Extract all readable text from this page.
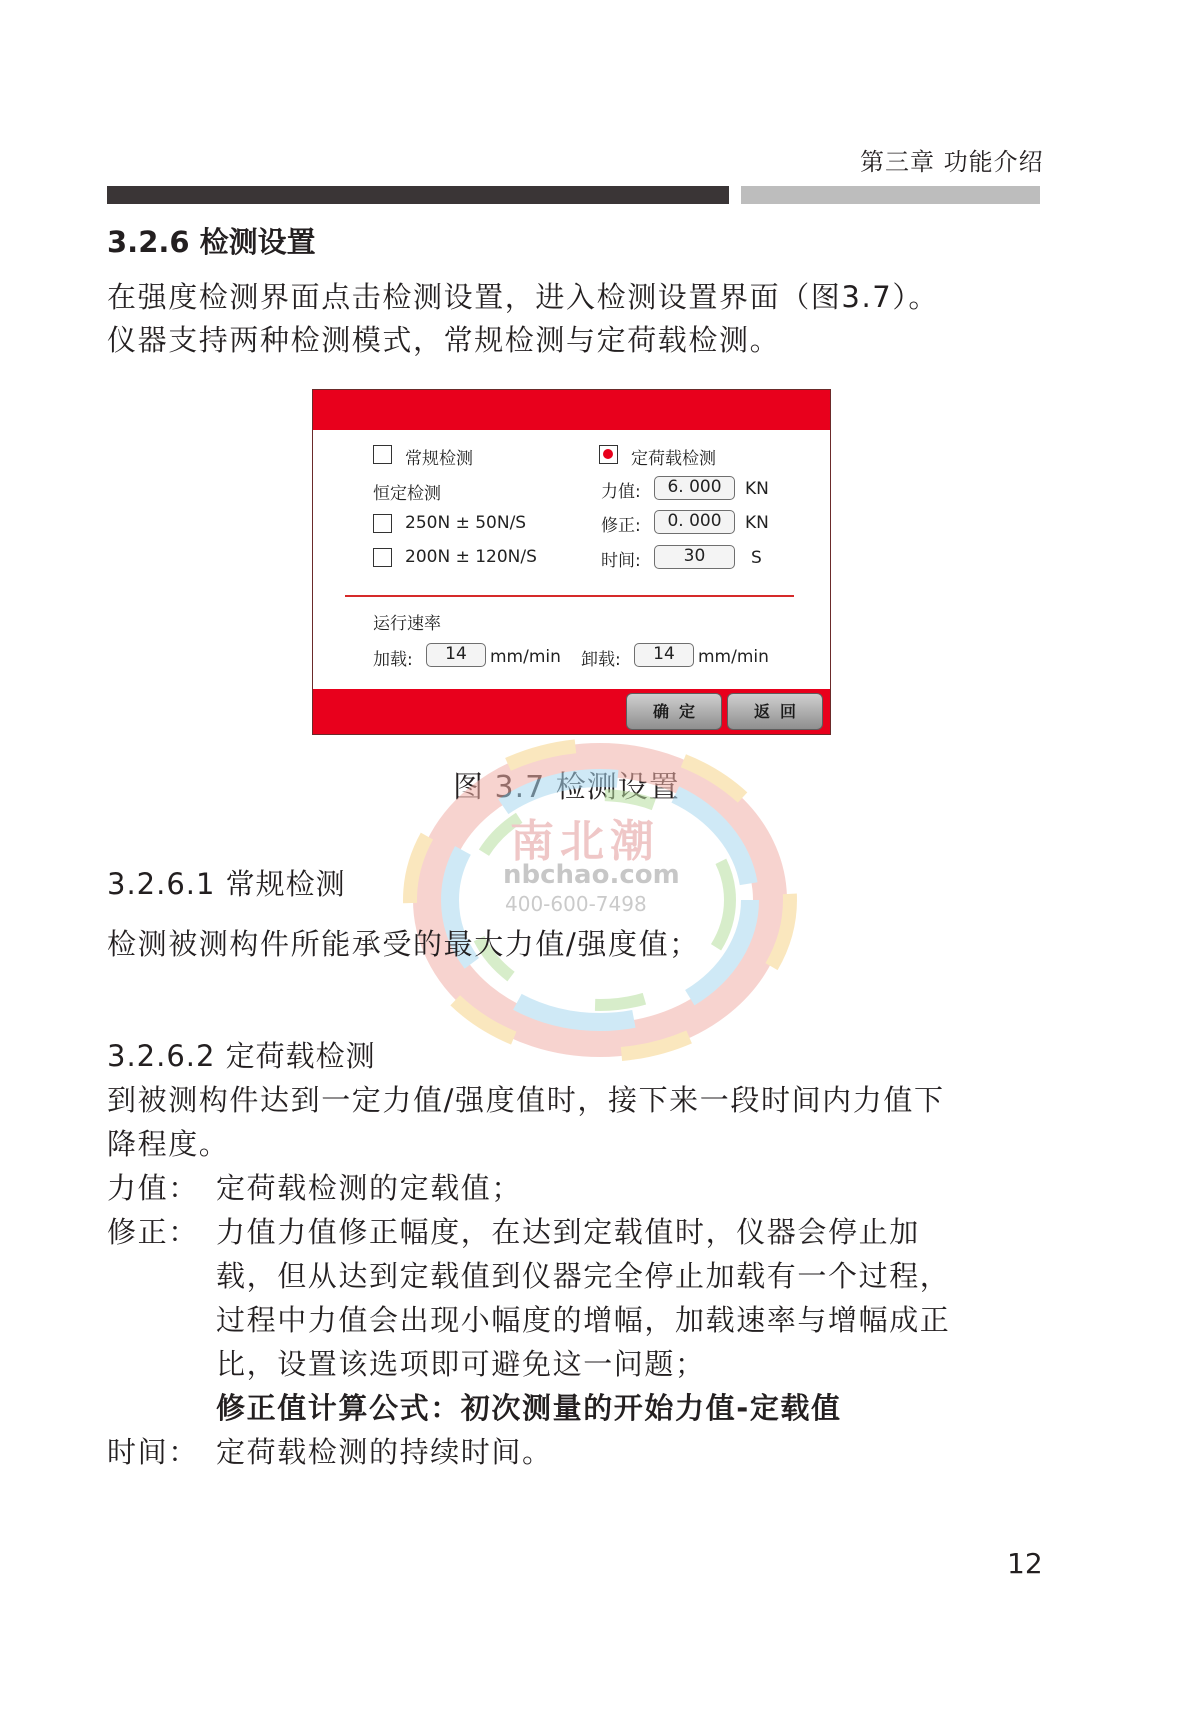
第三章 功能介绍
3.2.6 检测设置
在强度检测界面点击检测设置，进入检测设置界面（图3.7）。
仪器支持两种检测模式，常规检测与定荷载检测。
常规检测	定荷载检测
恒定检测
250N ± 50N/S
200N ± 120N/S
力值:	6. 000	KN
修正:	0. 000	KN
时间:	30	S
运行速率
加载:	14	mm/min 卸载:	14	mm/min
确定	返回
图 3.7 检测设置
南北潮
nbchao.com
400-600-7498
3.2.6.1 常规检测
检测被测构件所能承受的最大力值/强度值；
3.2.6.2 定荷载检测
到被测构件达到一定力值/强度值时，接下来一段时间内力值下
降程度。
力值： 定荷载检测的定载值；
修正： 力值力值修正幅度，在达到定载值时，仪器会停止加
载，但从达到定载值到仪器完全停止加载有一个过程，
过程中力值会出现小幅度的增幅，加载速率与增幅成正
比，设置该选项即可避免这一问题；
修正值计算公式：初次测量的开始力值-定载值
时间： 定荷载检测的持续时间。
12
